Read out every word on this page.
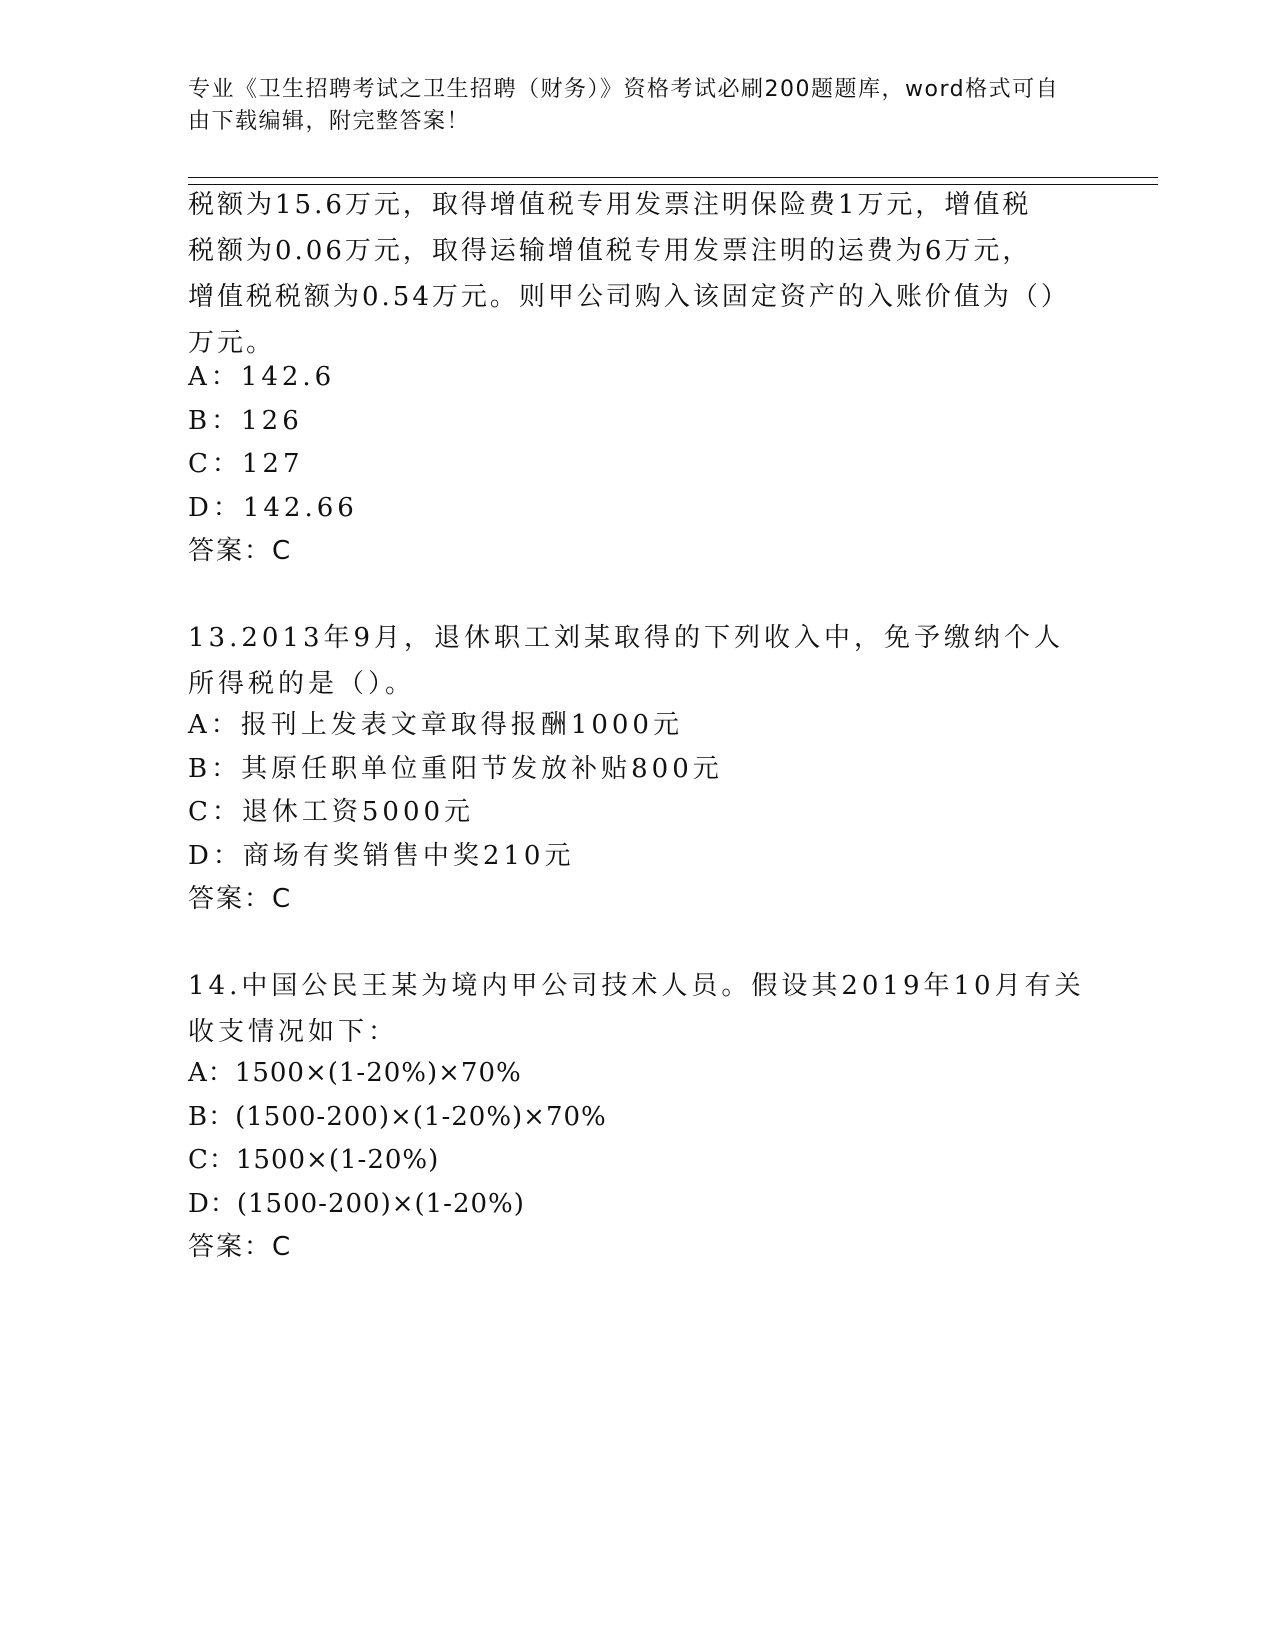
专业《卫生招聘考试之卫生招聘（财务）》资格考试必刷200题题库，word格式可自由下载编辑，附完整答案！
税额为15.6万元，取得增值税专用发票注明保险费1万元，增值税税额为0.06万元，取得运输增值税专用发票注明的运费为6万元，增值税税额为0.54万元。则甲公司购入该固定资产的入账价值为（）万元。
A：142.6
B：126
C：127
D：142.66
答案：C
13.2013年9月，退休职工刘某取得的下列收入中，免予缴纳个人所得税的是（）。
A：报刊上发表文章取得报酬1000元
B：其原任职单位重阳节发放补贴800元
C：退休工资5000元
D：商场有奖销售中奖210元
答案：C
14.中国公民王某为境内甲公司技术人员。假设其2019年10月有关收支情况如下：
A：1500×(1-20%)×70%
B：(1500-200)×(1-20%)×70%
C：1500×(1-20%)
D：(1500-200)×(1-20%)
答案：C
